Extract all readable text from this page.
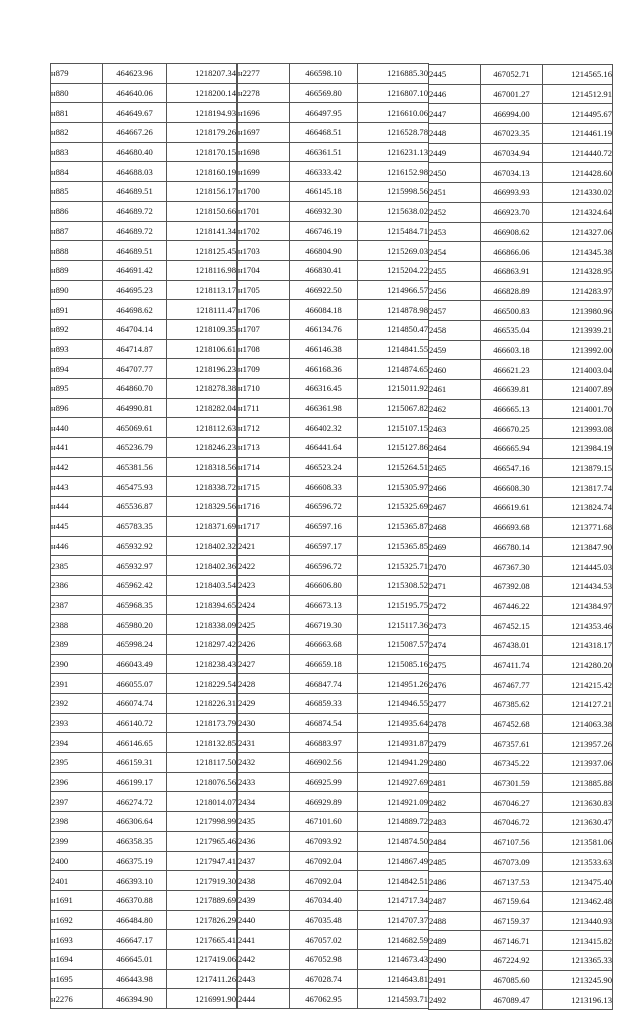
н879	464623.96	1218207.34
н880	464640.06	1218200.14
н881	464649.67	1218194.93
н882	464667.26	1218179.26
н883	464680.40	1218170.15
н884	464688.03	1218160.19
н885	464689.51	1218156.17
н886	464689.72	1218150.66
н887	464689.72	1218141.34
н888	464689.51	1218125.45
н889	464691.42	1218116.98
н890	464695.23	1218113.17
н891	464698.62	1218111.47
н892	464704.14	1218109.35
н893	464714.87	1218106.61
н894	464707.77	1218196.23
н895	464860.70	1218278.38
н896	464990.81	1218282.04
н440	465069.61	1218112.63
н441	465236.79	1218246.23
н442	465381.56	1218318.56
н443	465475.93	1218338.72
н444	465536.87	1218329.56
н445	465783.35	1218371.69
н446	465932.92	1218402.32
2385	465932.97	1218402.36
2386	465962.42	1218403.54
2387	465968.35	1218394.65
2388	465980.20	1218338.09
2389	465998.24	1218297.42
2390	466043.49	1218238.43
2391	466055.07	1218229.54
2392	466074.74	1218226.31
2393	466140.72	1218173.79
2394	466146.65	1218132.85
2395	466159.31	1218117.50
2396	466199.17	1218076.56
2397	466274.72	1218014.07
2398	466306.64	1217998.99
2399	466358.35	1217965.46
2400	466375.19	1217947.41
2401	466393.10	1217919.30
н1691	466370.88	1217889.69
н1692	466484.80	1217826.29
н1693	466647.17	1217665.41
н1694	466645.01	1217419.06
н1695	466443.98	1217411.26
н2276	466394.90	1216991.90
н2277	466598.10	1216885.30
н2278	466569.80	1216807.10
н1696	466497.95	1216610.06
н1697	466468.51	1216528.78
н1698	466361.51	1216231.13
н1699	466333.42	1216152.98
н1700	466145.18	1215998.56
н1701	466932.30	1215638.02
н1702	466746.19	1215484.71
н1703	466804.90	1215269.03
н1704	466830.41	1215204.22
н1705	466922.50	1214966.57
н1706	466084.18	1214878.98
н1707	466134.76	1214850.47
н1708	466146.38	1214841.55
н1709	466168.36	1214874.65
н1710	466316.45	1215011.92
н1711	466361.98	1215067.82
н1712	466402.32	1215107.15
н1713	466441.64	1215127.86
н1714	466523.24	1215264.51
н1715	466608.33	1215305.97
н1716	466596.72	1215325.69
н1717	466597.16	1215365.87
2421	466597.17	1215365.85
2422	466596.72	1215325.71
2423	466606.80	1215308.52
2424	466673.13	1215195.75
2425	466719.30	1215117.36
2426	466663.68	1215087.57
2427	466659.18	1215085.16
2428	466847.74	1214951.26
2429	466859.33	1214946.55
2430	466874.54	1214935.64
2431	466883.97	1214931.87
2432	466902.56	1214941.29
2433	466925.99	1214927.69
2434	466929.89	1214921.09
2435	467101.60	1214889.72
2436	467093.92	1214874.50
2437	467092.04	1214867.49
2438	467092.04	1214842.51
2439	467034.40	1214717.34
2440	467035.48	1214707.37
2441	467057.02	1214682.59
2442	467052.98	1214673.43
2443	467028.74	1214643.81
2444	467062.95	1214593.71
2445	467052.71	1214565.16
2446	467001.27	1214512.91
2447	466994.00	1214495.67
2448	467023.35	1214461.19
2449	467034.94	1214440.72
2450	467034.13	1214428.60
2451	466993.93	1214330.02
2452	466923.70	1214324.64
2453	466908.62	1214327.06
2454	466866.06	1214345.38
2455	466863.91	1214328.95
2456	466828.89	1214283.97
2457	466500.83	1213980.96
2458	466535.04	1213939.21
2459	466603.18	1213992.00
2460	466621.23	1214003.04
2461	466639.81	1214007.89
2462	466665.13	1214001.70
2463	466670.25	1213993.08
2464	466665.94	1213984.19
2465	466547.16	1213879.15
2466	466608.30	1213817.74
2467	466619.61	1213824.74
2468	466693.68	1213771.68
2469	466780.14	1213847.90
2470	467367.30	1214445.03
2471	467392.08	1214434.53
2472	467446.22	1214384.97
2473	467452.15	1214353.46
2474	467438.01	1214318.17
2475	467411.74	1214280.20
2476	467467.77	1214215.42
2477	467385.62	1214127.21
2478	467452.68	1214063.38
2479	467357.61	1213957.26
2480	467345.22	1213937.06
2481	467301.59	1213885.88
2482	467046.27	1213630.83
2483	467046.72	1213630.47
2484	467107.56	1213581.06
2485	467073.09	1213533.63
2486	467137.53	1213475.40
2487	467159.64	1213462.48
2488	467159.37	1213440.93
2489	467146.71	1213415.82
2490	467224.92	1213365.33
2491	467085.60	1213245.90
2492	467089.47	1213196.13
